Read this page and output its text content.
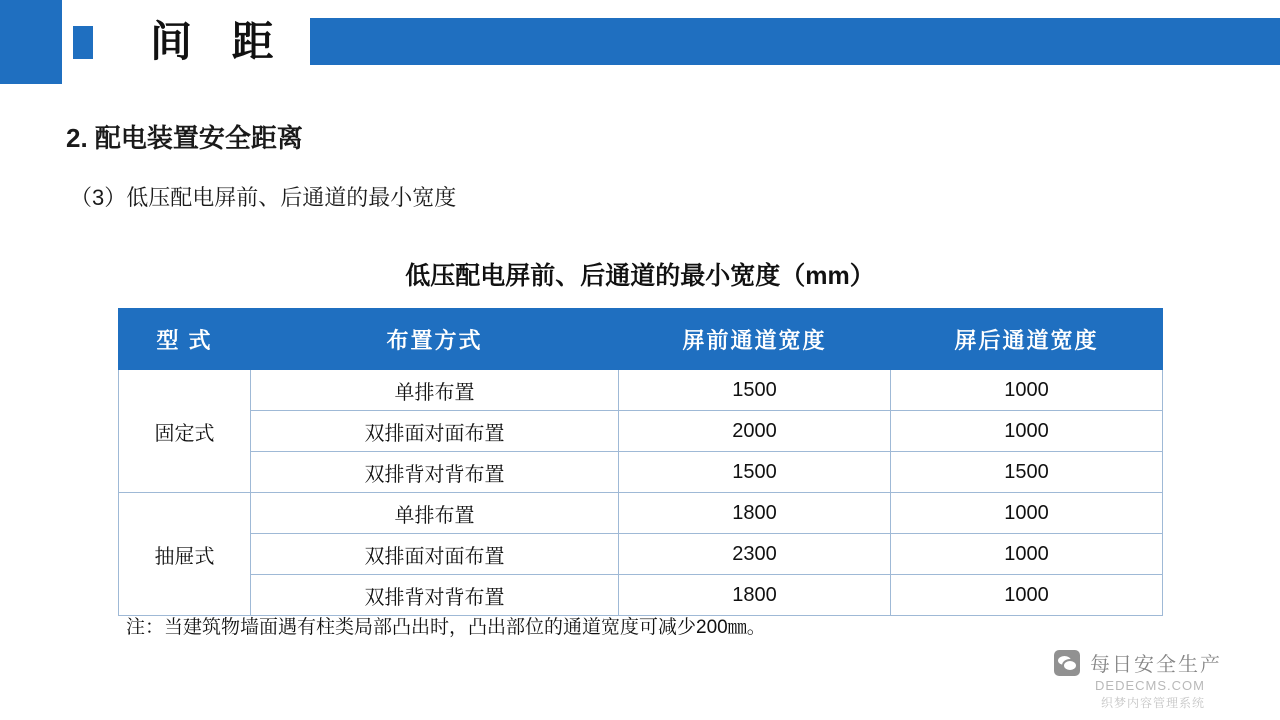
间 距
2. 配电装置安全距离
（3）低压配电屏前、后通道的最小宽度
低压配电屏前、后通道的最小宽度（mm）
型 式	布置方式	屏前通道宽度	屏后通道宽度
固定式	单排布置	1500	1000
	双排面对面布置	2000	1000
	双排背对背布置	1500	1500
抽屉式	单排布置	1800	1000
	双排面对面布置	2300	1000
	双排背对背布置	1800	1000
注：当建筑物墙面遇有柱类局部凸出时，凸出部位的通道宽度可减少200㎜。
每日安全生产
DEDECMS.COM
织梦内容管理系统
